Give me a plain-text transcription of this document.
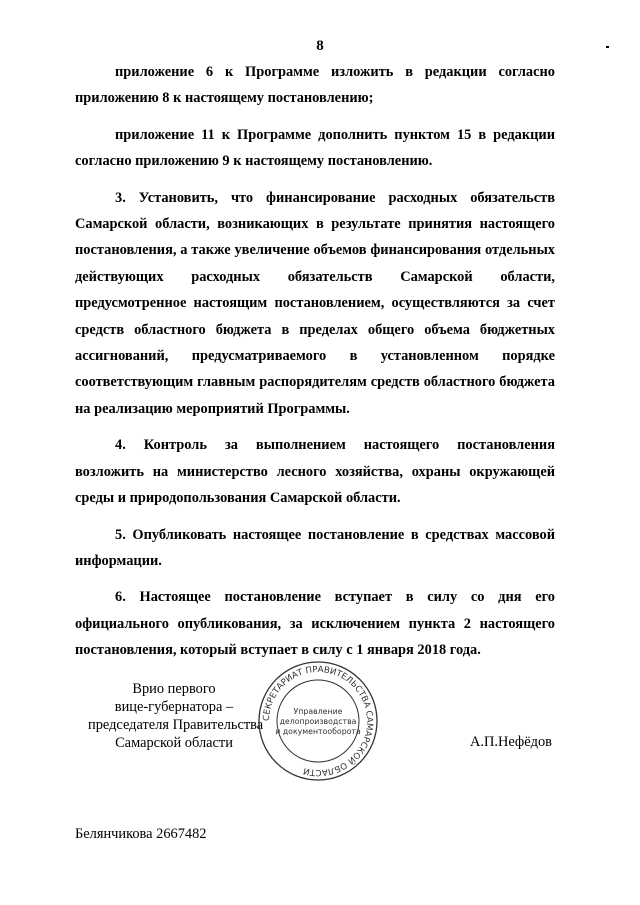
8

приложение 6 к Программе изложить в редакции согласно приложению 8 к настоящему постановлению;

приложение 11 к Программе дополнить пунктом 15 в редакции согласно приложению 9 к настоящему постановлению.

3. Установить, что финансирование расходных обязательств Самарской области, возникающих в результате принятия настоящего постановления, а также увеличение объемов финансирования отдельных действующих расходных обязательств Самарской области, предусмотренное настоящим постановлением, осуществляются за счет средств областного бюджета в пределах общего объема бюджетных ассигнований, предусматриваемого в установленном порядке соответствующим главным распорядителям средств областного бюджета на реализацию мероприятий Программы.

4. Контроль за выполнением настоящего постановления возложить на министерство лесного хозяйства, охраны окружающей среды и природопользования Самарской области.

5. Опубликовать настоящее постановление в средствах массовой информации.

6. Настоящее постановление вступает в силу со дня его официального опубликования, за исключением пункта 2 настоящего постановления, который вступает в силу с 1 января 2018 года.

Врио первого
вице-губернатора –
председателя Правительства
Самарской области
СЕКРЕТАРИАТ ПРАВИТЕЛЬСТВА САМАРСКОЙ ОБЛАСТИ
Управление
делопроизводства
и документооборота
А.П.Нефёдов
Белянчикова 2667482
